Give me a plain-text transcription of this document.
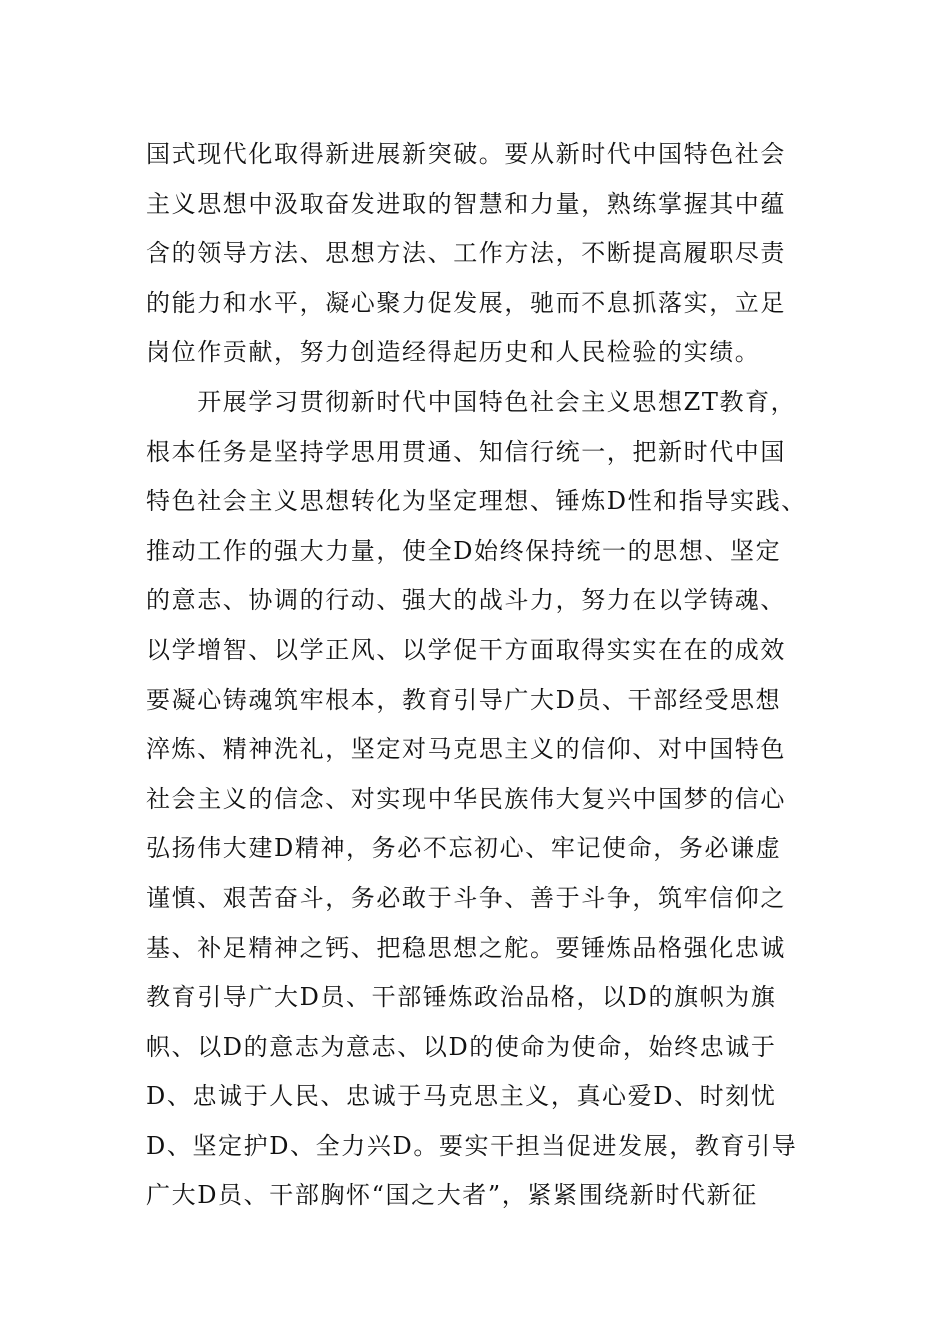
国式现代化取得新进展新突破。要从新时代中国特色社会
主义思想中汲取奋发进取的智慧和力量，熟练掌握其中蕴
含的领导方法、思想方法、工作方法，不断提高履职尽责
的能力和水平，凝心聚力促发展，驰而不息抓落实，立足
岗位作贡献，努力创造经得起历史和人民检验的实绩。
　　开展学习贯彻新时代中国特色社会主义思想ZT教育，
根本任务是坚持学思用贯通、知信行统一，把新时代中国
特色社会主义思想转化为坚定理想、锤炼D性和指导实践、
推动工作的强大力量，使全D始终保持统一的思想、坚定
的意志、协调的行动、强大的战斗力，努力在以学铸魂、
以学增智、以学正风、以学促干方面取得实实在在的成效
要凝心铸魂筑牢根本，教育引导广大D员、干部经受思想
淬炼、精神洗礼，坚定对马克思主义的信仰、对中国特色
社会主义的信念、对实现中华民族伟大复兴中国梦的信心
弘扬伟大建D精神，务必不忘初心、牢记使命，务必谦虚
谨慎、艰苦奋斗，务必敢于斗争、善于斗争，筑牢信仰之
基、补足精神之钙、把稳思想之舵。要锤炼品格强化忠诚
教育引导广大D员、干部锤炼政治品格，以D的旗帜为旗
帜、以D的意志为意志、以D的使命为使命，始终忠诚于
D、忠诚于人民、忠诚于马克思主义，真心爱D、时刻忧
D、坚定护D、全力兴D。要实干担当促进发展，教育引导
广大D员、干部胸怀“国之大者”，紧紧围绕新时代新征
